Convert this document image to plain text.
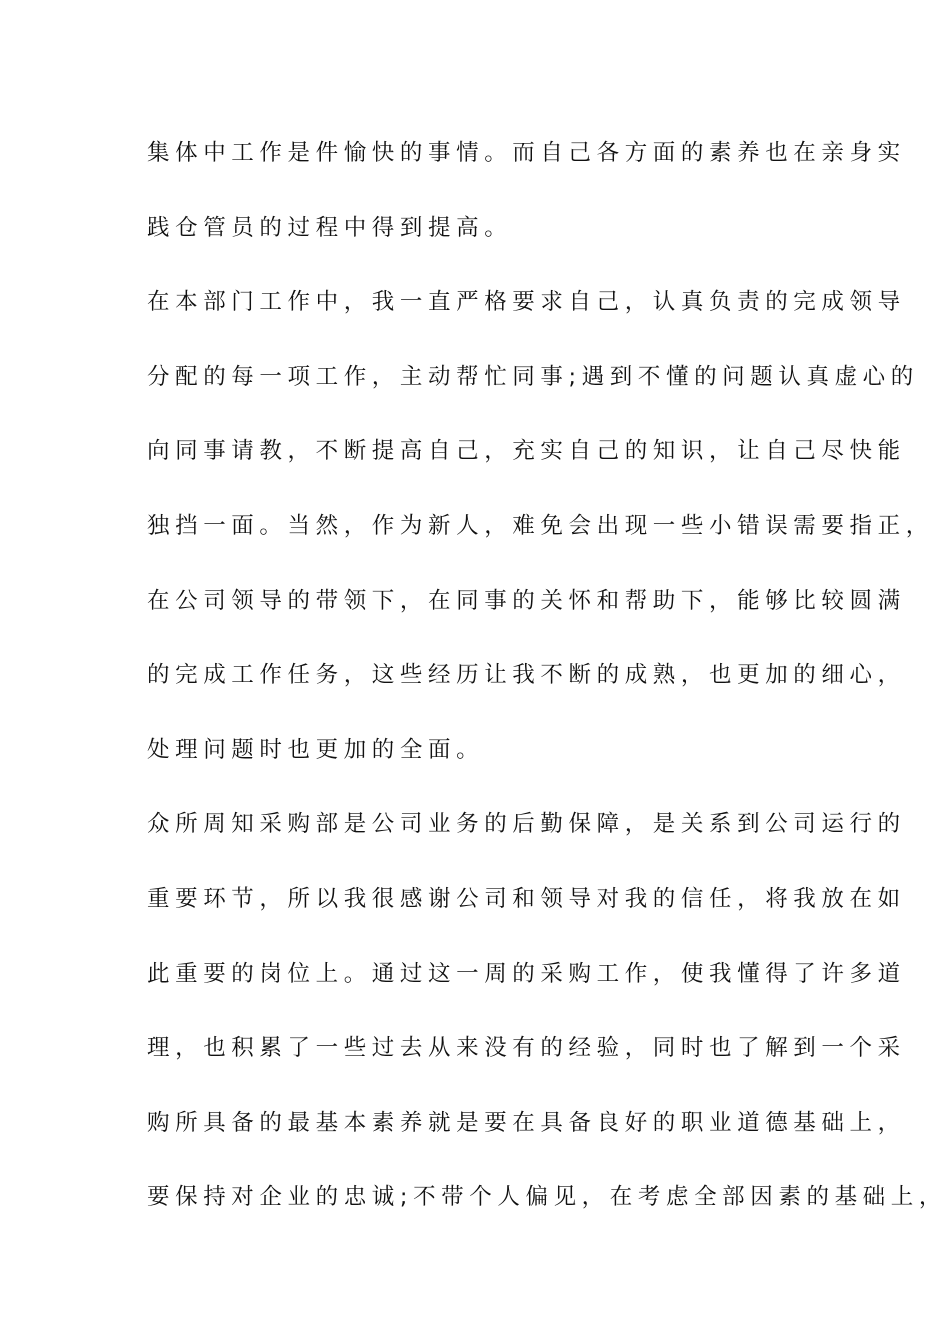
集体中工作是件愉快的事情。而自己各方面的素养也在亲身实
践仓管员的过程中得到提高。
在本部门工作中，我一直严格要求自己，认真负责的完成领导
分配的每一项工作，主动帮忙同事;遇到不懂的问题认真虚心的
向同事请教，不断提高自己，充实自己的知识，让自己尽快能
独挡一面。当然，作为新人，难免会出现一些小错误需要指正，
在公司领导的带领下，在同事的关怀和帮助下，能够比较圆满
的完成工作任务，这些经历让我不断的成熟，也更加的细心，
处理问题时也更加的全面。
众所周知采购部是公司业务的后勤保障，是关系到公司运行的
重要环节，所以我很感谢公司和领导对我的信任，将我放在如
此重要的岗位上。通过这一周的采购工作，使我懂得了许多道
理，也积累了一些过去从来没有的经验，同时也了解到一个采
购所具备的最基本素养就是要在具备良好的职业道德基础上，
要保持对企业的忠诚;不带个人偏见，在考虑全部因素的基础上，
